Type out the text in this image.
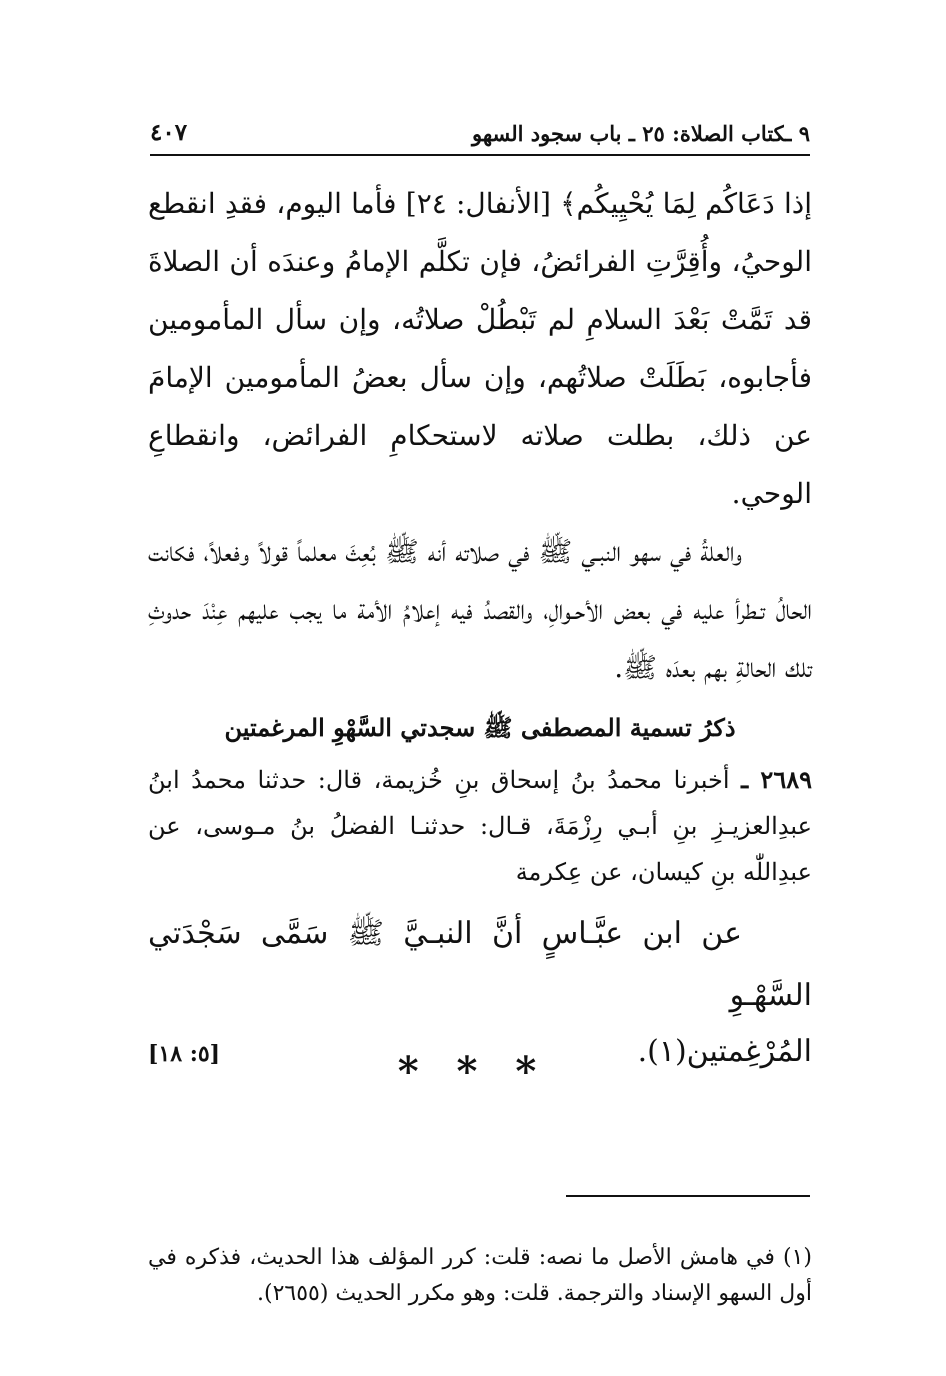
٩ ـكتاب الصلاة: ٢٥ ـ باب سجود السهو
٤٠٧

إذا دَعَاكُم لِمَا يُحْيِيكُم﴾ [الأنفال: ٢٤] فأما اليوم، فقدِ انقطع الوحيُ، وأُقِرَّتِ الفرائضُ، فإن تكلَّم الإمامُ وعندَه أن الصلاةَ قد تَمَّتْ بَعْدَ السلامِ لم تَبْطُلْ صلاتُه، وإن سأل المأمومين فأجابوه، بَطَلَتْ صلاتُهم، وإن سأل بعضُ المأمومين الإمامَ عن ذلك، بطلت صلاته لاستحكامِ الفرائض، وانقطاعِ الوحي.

والعلةُ في سهو النبـي ﷺ في صلاته أنه ﷺ بُعِثَ معلماً قولاً وفعلاً، فكانت الحالُ تـطرأ عليه في بعض الأحـوالِ، والقصدُ فيه إعلامُ الأمة ما يجب عليهم عِنْدَ حدوثِ تلك الحالةِ بهم بعدَه ﷺ.

ذكرُ تسمية المصطفى ﷺ سجدتي السَّهْوِ المرغمتين

٢٦٨٩ ـ أخبرنا محمدُ بنُ إسحاق بنِ خُزيمة، قال: حدثنا محمدُ ابنُ عبدِالعزيـزِ بنِ أبـي رِزْمَةَ، قـال: حدثنـا الفضلُ بنُ مـوسى، عن عبدِاللّٰه بنِ كيسان، عن عِكرمة

عن ابن عبَّـاسٍ أنَّ النبـيَّ ﷺ سَمَّى سَجْدَتي السَّهْـوِ

المُرْغِمتين(١).
[٥: ١٨]	* * *

(١) في هامش الأصل ما نصه: قلت: كرر المؤلف هذا الحديث، فذكره في أول السهو الإسناد والترجمة. قلت: وهو مكرر الحديث (٢٦٥٥).
